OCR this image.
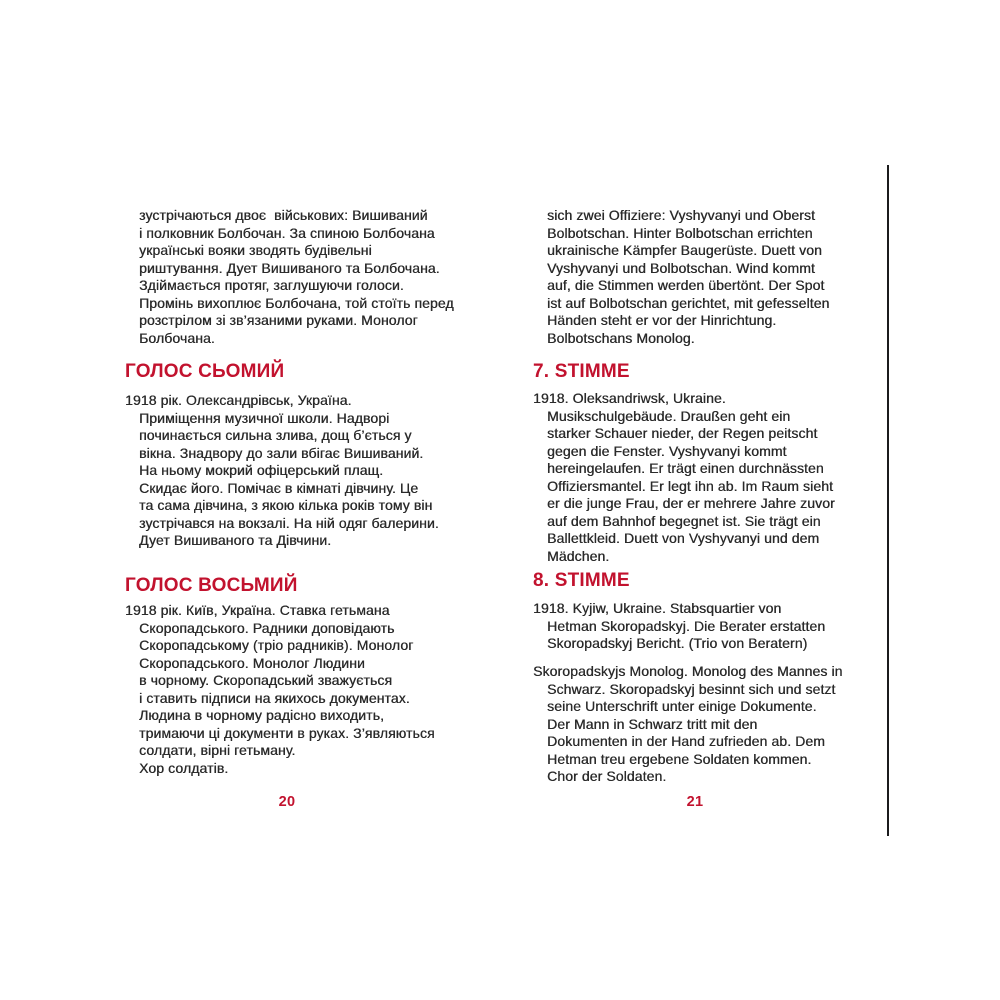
зустрічаються двоє  військових: Вишиваний
і полковник Болбочан. За спиною Болбочана
українські вояки зводять будівельні
риштування. Дует Вишиваного та Болбочана.
Здіймається протяг, заглушуючи голоси.
Промінь вихоплює Болбочана, той стоїть перед
розстрілом зі зв’язаними руками. Монолог
Болбочана.
ГОЛОС СЬОМИЙ
1918 рік. Олександрівськ, Україна.
Приміщення музичної школи. Надворі
починається сильна злива, дощ б’ється у
вікна. Знадвору до зали вбігає Вишиваний.
На ньому мокрий офіцерський плащ.
Скидає його. Помічає в кімнаті дівчину. Це
та сама дівчина, з якою кілька років тому він
зустрічався на вокзалі. На ній одяг балерини.
Дует Вишиваного та Дівчини.
ГОЛОС ВОСЬМИЙ
1918 рік. Київ, Україна. Ставка гетьмана
Скоропадського. Радники доповідають
Скоропадському (тріо радників). Монолог
Скоропадського. Монолог Людини
в чорному. Скоропадський зважується
і ставить підписи на якихось документах.
Людина в чорному радісно виходить,
тримаючи ці документи в руках. З’являються
солдати, вірні гетьману.
Хор солдатів.
20
sich zwei Offiziere: Vyshyvanyi und Oberst
Bolbotschan. Hinter Bolbotschan errichten
ukrainische Kämpfer Baugerüste. Duett von
Vyshyvanyi und Bolbotschan. Wind kommt
auf, die Stimmen werden übertönt. Der Spot
ist auf Bolbotschan gerichtet, mit gefesselten
Händen steht er vor der Hinrichtung.
Bolbotschans Monolog.
7. STIMME
1918. Oleksandriwsk, Ukraine.
Musikschulgebäude. Draußen geht ein
starker Schauer nieder, der Regen peitscht
gegen die Fenster. Vyshyvanyi kommt
hereingelaufen. Er trägt einen durchnässten
Offiziersmantel. Er legt ihn ab. Im Raum sieht
er die junge Frau, der er mehrere Jahre zuvor
auf dem Bahnhof begegnet ist. Sie trägt ein
Ballettkleid. Duett von Vyshyvanyi und dem
Mädchen.
8. STIMME
1918. Kyjiw, Ukraine. Stabsquartier von
Hetman Skoropadskyj. Die Berater erstatten
Skoropadskyj Bericht. (Trio von Beratern)
Skoropadskyjs Monolog. Monolog des Mannes in
Schwarz. Skoropadskyj besinnt sich und setzt
seine Unterschrift unter einige Dokumente.
Der Mann in Schwarz tritt mit den
Dokumenten in der Hand zufrieden ab. Dem
Hetman treu ergebene Soldaten kommen.
Chor der Soldaten.
21
